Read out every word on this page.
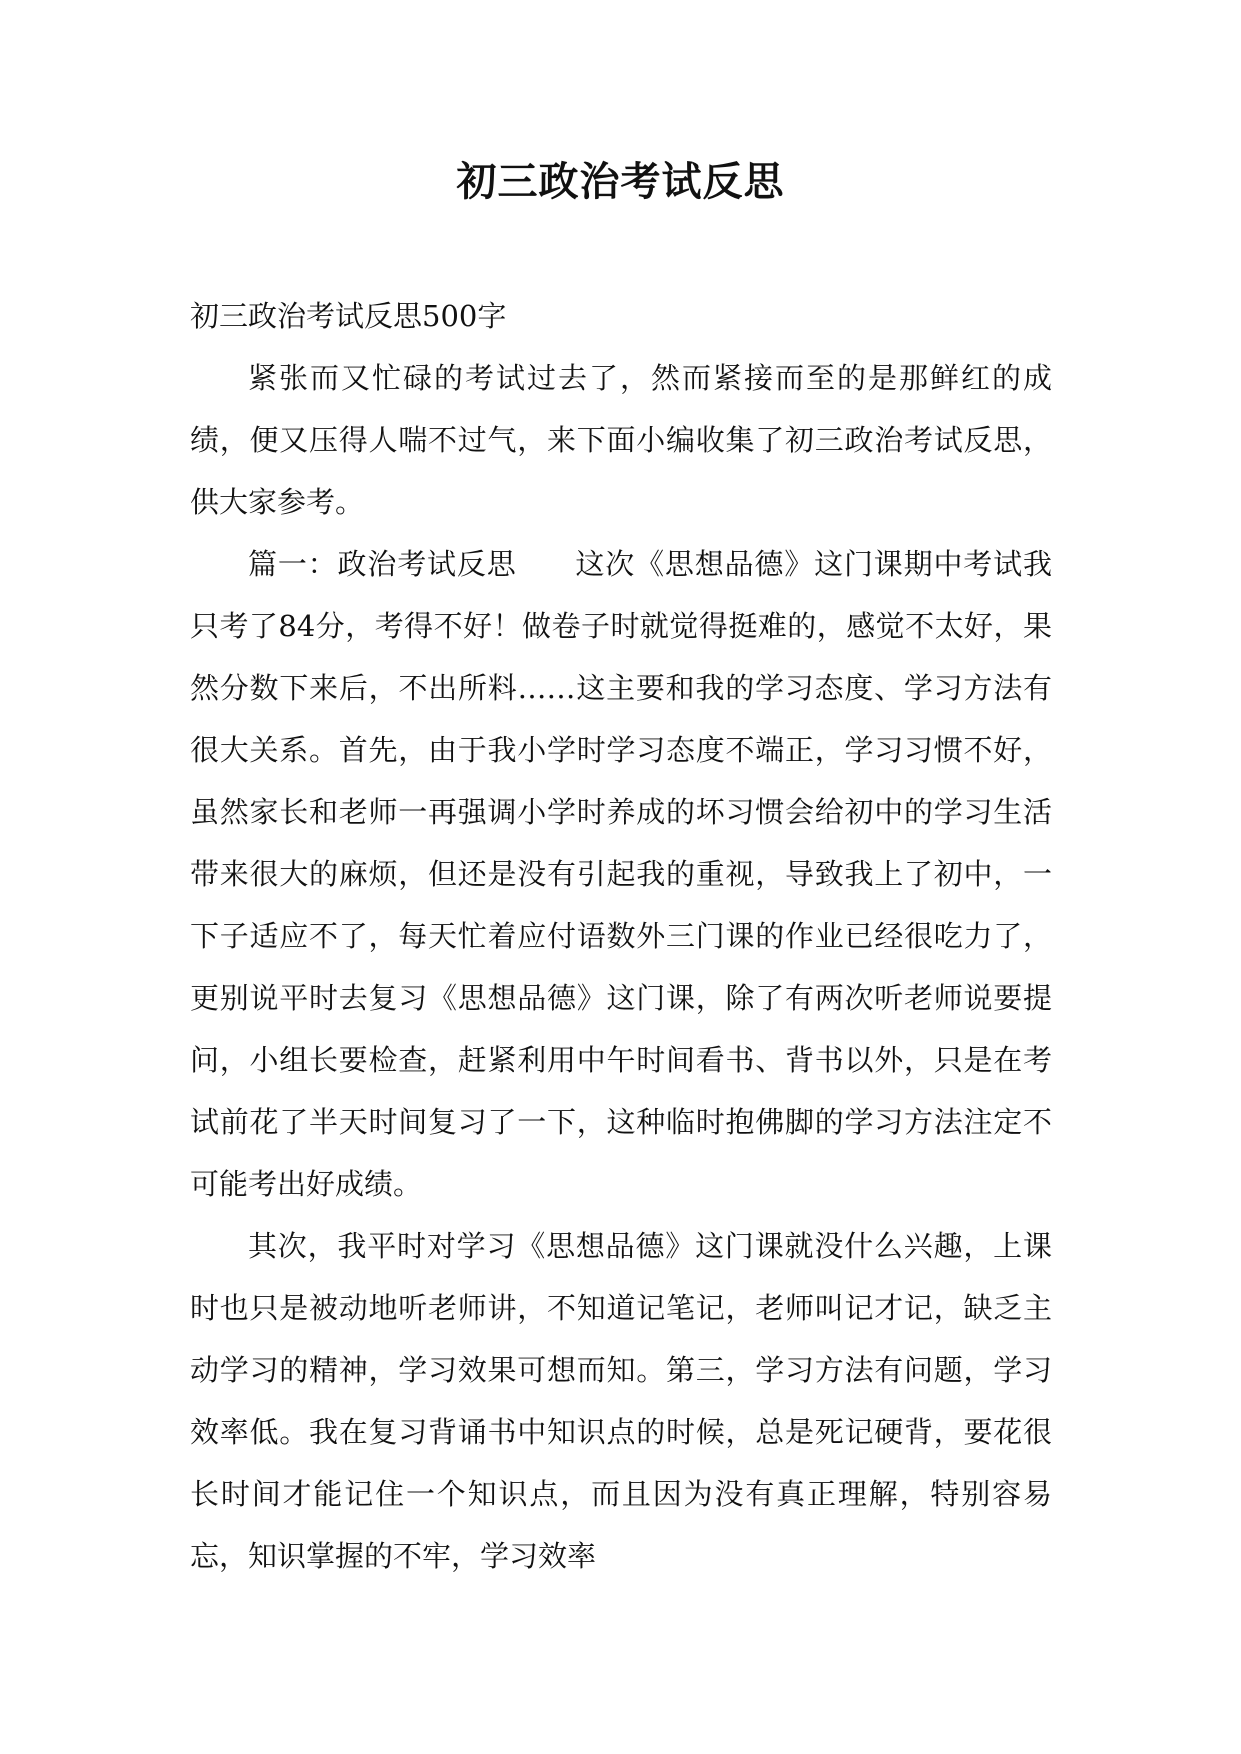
初三政治考试反思

初三政治考试反思500字

紧张而又忙碌的考试过去了，然而紧接而至的是那鲜红的成绩，便又压得人喘不过气，来下面小编收集了初三政治考试反思，供大家参考。

篇一：政治考试反思 这次《思想品德》这门课期中考试我只考了84分，考得不好！做卷子时就觉得挺难的，感觉不太好，果然分数下来后，不出所料……这主要和我的学习态度、学习方法有很大关系。首先，由于我小学时学习态度不端正，学习习惯不好，虽然家长和老师一再强调小学时养成的坏习惯会给初中的学习生活带来很大的麻烦，但还是没有引起我的重视，导致我上了初中，一下子适应不了，每天忙着应付语数外三门课的作业已经很吃力了，更别说平时去复习《思想品德》这门课，除了有两次听老师说要提问，小组长要检查，赶紧利用中午时间看书、背书以外，只是在考试前花了半天时间复习了一下，这种临时抱佛脚的学习方法注定不可能考出好成绩。

其次，我平时对学习《思想品德》这门课就没什么兴趣，上课时也只是被动地听老师讲，不知道记笔记，老师叫记才记，缺乏主动学习的精神，学习效果可想而知。第三，学习方法有问题，学习效率低。我在复习背诵书中知识点的时候，总是死记硬背，要花很长时间才能记住一个知识点，而且因为没有真正理解，特别容易忘，知识掌握的不牢，学习效率
